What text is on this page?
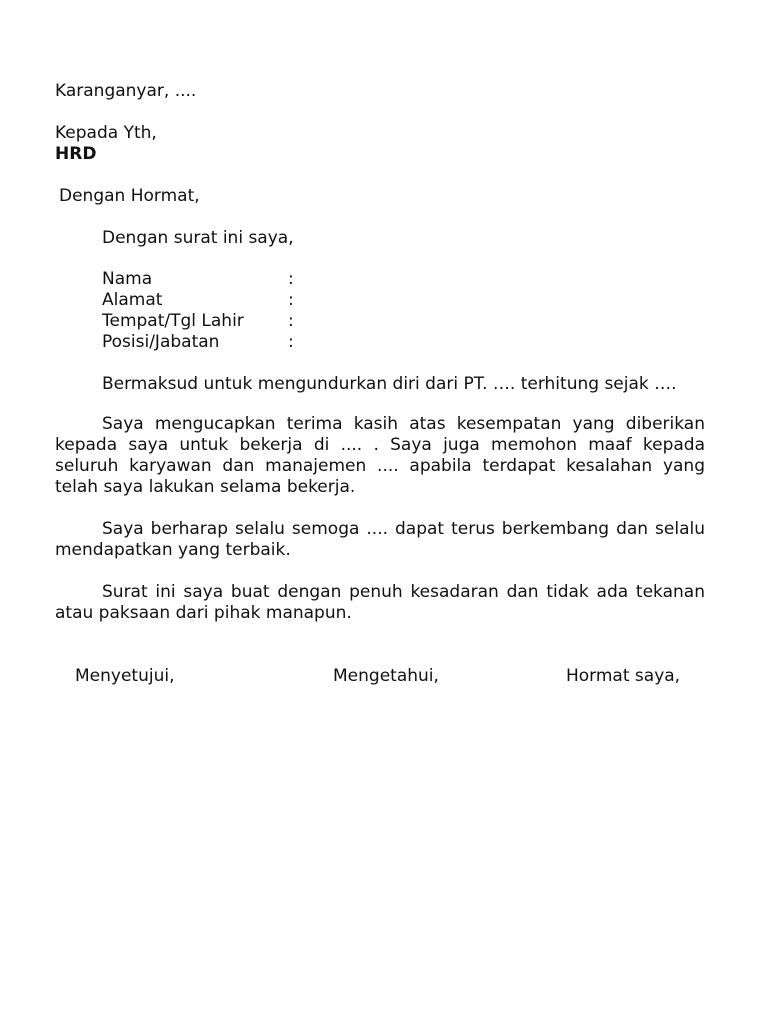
Karanganyar, ....
Kepada Yth,
HRD
Dengan Hormat,
Dengan surat ini saya,
Nama	:
Alamat	:
Tempat/Tgl Lahir	:
Posisi/Jabatan	:
Bermaksud untuk mengundurkan diri dari PT. …. terhitung sejak ….
Saya mengucapkan terima kasih atas kesempatan yang diberikan
kepada saya untuk bekerja di .... . Saya juga memohon maaf kepada
seluruh karyawan dan manajemen .... apabila terdapat kesalahan yang
telah saya lakukan selama bekerja.
Saya berharap selalu semoga .... dapat terus berkembang dan selalu
mendapatkan yang terbaik.
Surat ini saya buat dengan penuh kesadaran dan tidak ada tekanan
atau paksaan dari pihak manapun.
Menyetujui,	Mengetahui,	Hormat saya,
